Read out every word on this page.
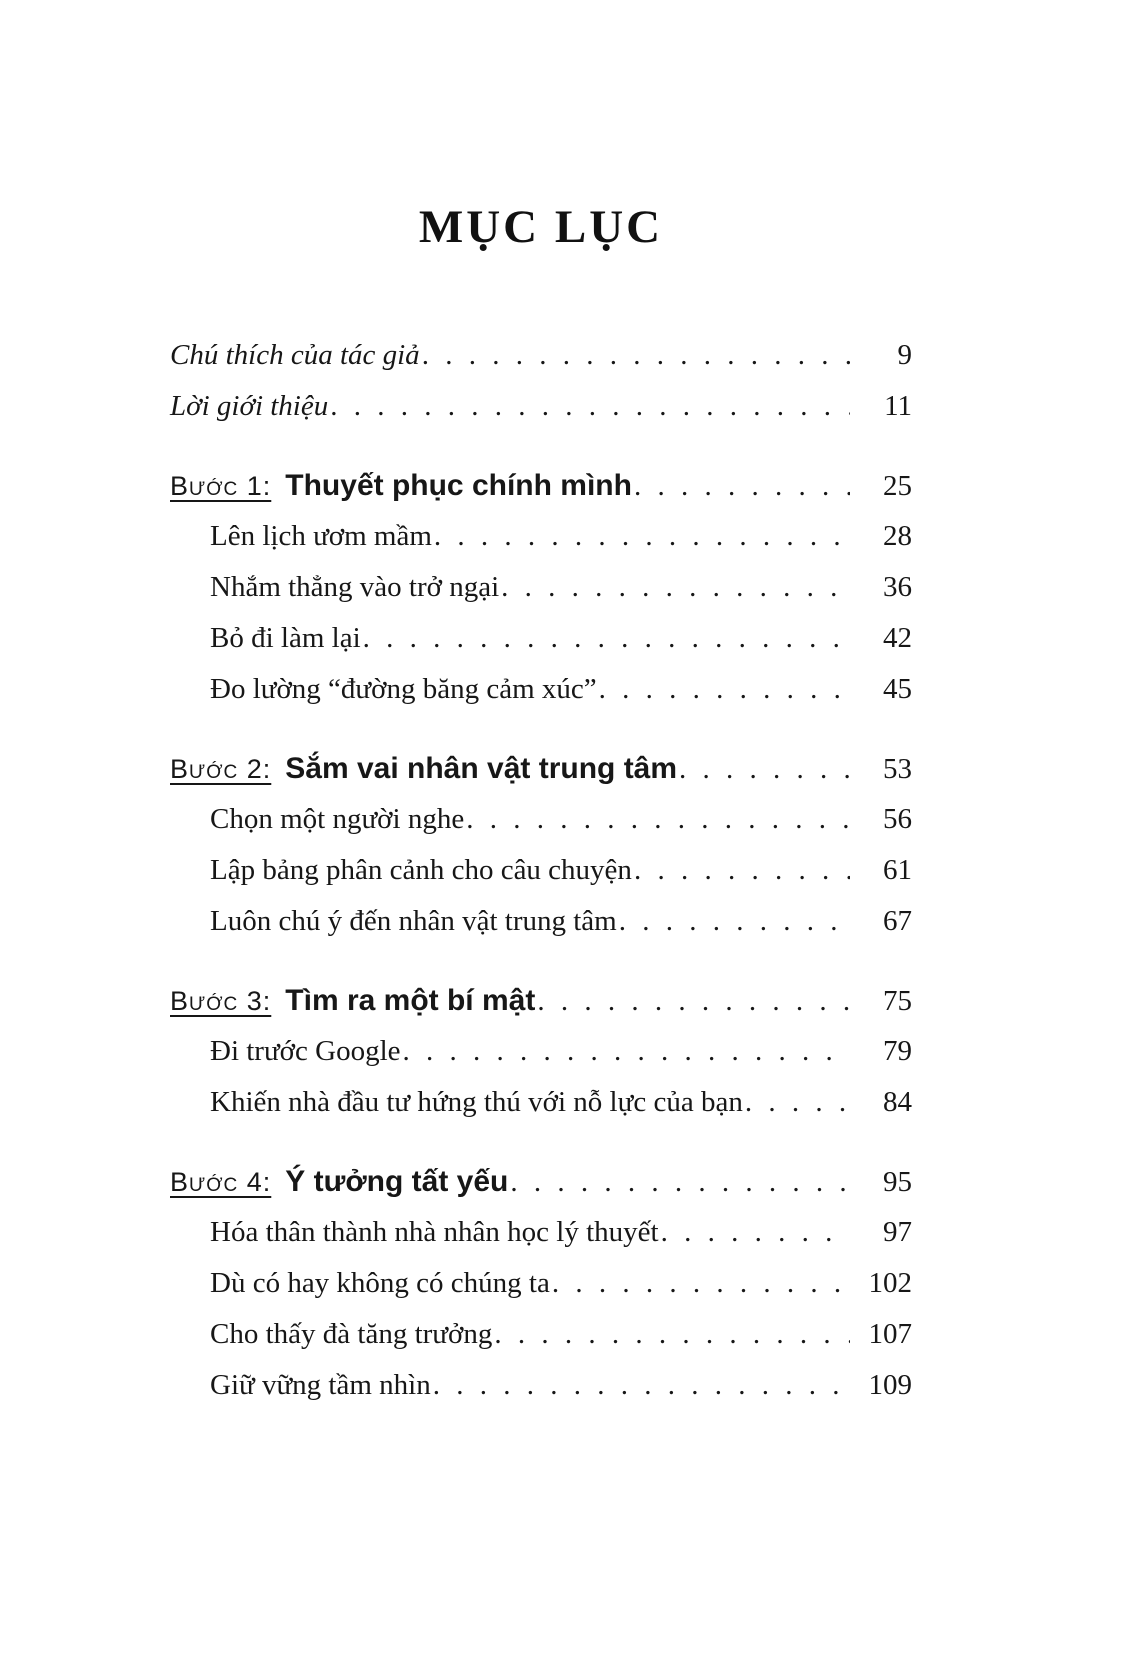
MỤC LỤC
Chú thích của tác giả . . .	9
Lời giới thiệu . . .	11
Bước 1: Thuyết phục chính mình . . .	25
Lên lịch ươm mầm . . .	28
Nhắm thẳng vào trở ngại . . .	36
Bỏ đi làm lại . . .	42
Đo lường “đường băng cảm xúc” . . .	45
Bước 2: Sắm vai nhân vật trung tâm . . .	53
Chọn một người nghe . . .	56
Lập bảng phân cảnh cho câu chuyện . . .	61
Luôn chú ý đến nhân vật trung tâm . . .	67
Bước 3: Tìm ra một bí mật . . .	75
Đi trước Google . . .	79
Khiến nhà đầu tư hứng thú với nỗ lực của bạn . . .	84
Bước 4: Ý tưởng tất yếu . . .	95
Hóa thân thành nhà nhân học lý thuyết . . .	97
Dù có hay không có chúng ta . . .	102
Cho thấy đà tăng trưởng . . .	107
Giữ vững tầm nhìn . . .	109
